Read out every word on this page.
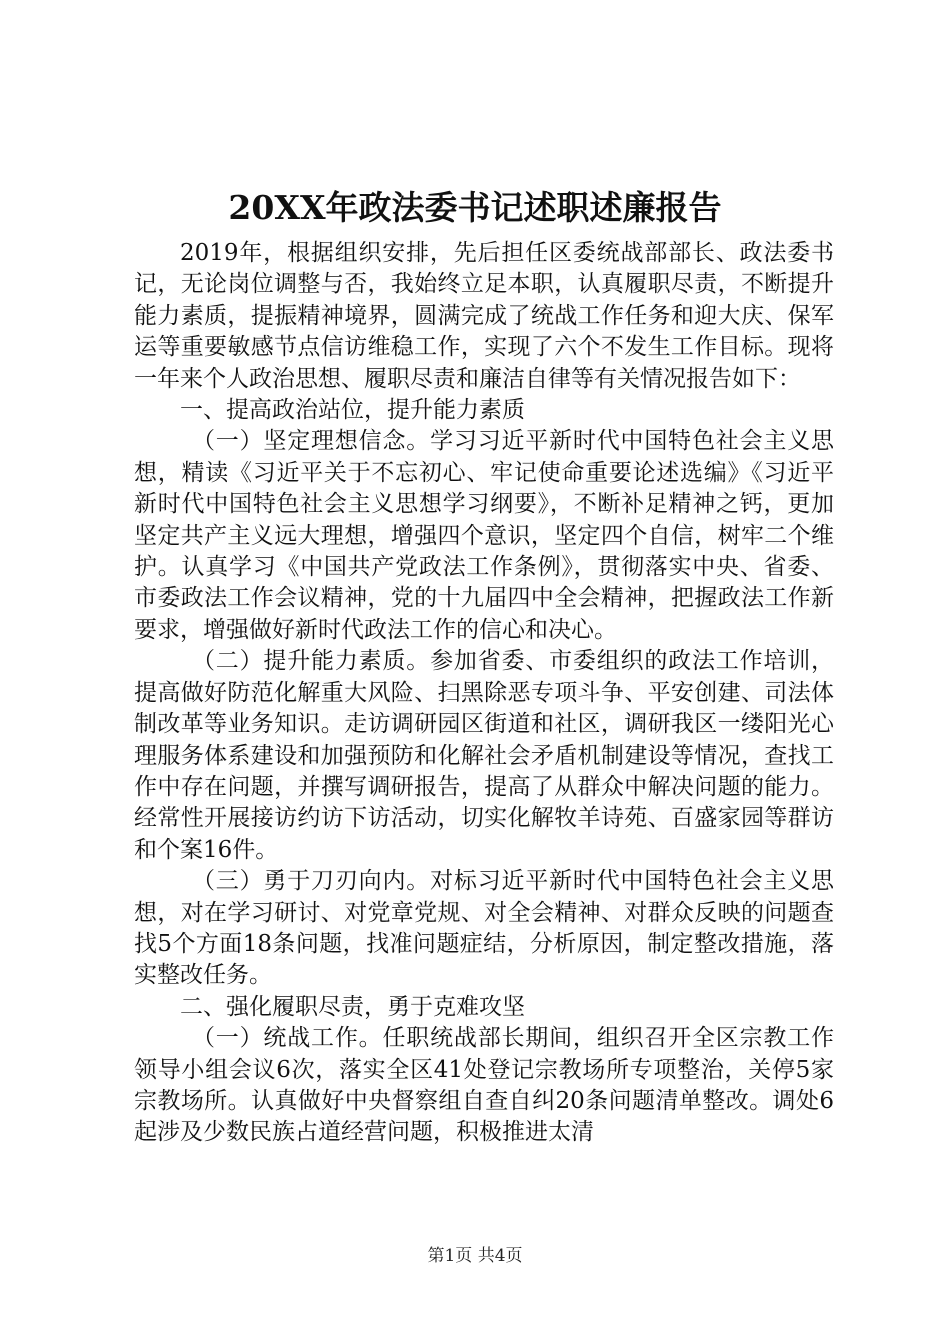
20XX年政法委书记述职述廉报告

2019年，根据组织安排，先后担任区委统战部部长、政法委书记，无论岗位调整与否，我始终立足本职，认真履职尽责，不断提升能力素质，提振精神境界，圆满完成了统战工作任务和迎大庆、保军运等重要敏感节点信访维稳工作，实现了六个不发生工作目标。现将一年来个人政治思想、履职尽责和廉洁自律等有关情况报告如下：

一、提高政治站位，提升能力素质

（一）坚定理想信念。学习习近平新时代中国特色社会主义思想，精读《习近平关于不忘初心、牢记使命重要论述选编》《习近平新时代中国特色社会主义思想学习纲要》，不断补足精神之钙，更加坚定共产主义远大理想，增强四个意识，坚定四个自信，树牢二个维护。认真学习《中国共产党政法工作条例》，贯彻落实中央、省委、市委政法工作会议精神，党的十九届四中全会精神，把握政法工作新要求，增强做好新时代政法工作的信心和决心。

（二）提升能力素质。参加省委、市委组织的政法工作培训，提高做好防范化解重大风险、扫黑除恶专项斗争、平安创建、司法体制改革等业务知识。走访调研园区街道和社区，调研我区一缕阳光心理服务体系建设和加强预防和化解社会矛盾机制建设等情况，查找工作中存在问题，并撰写调研报告，提高了从群众中解决问题的能力。经常性开展接访约访下访活动，切实化解牧羊诗苑、百盛家园等群访和个案16件。

（三）勇于刀刃向内。对标习近平新时代中国特色社会主义思想，对在学习研讨、对党章党规、对全会精神、对群众反映的问题查找5个方面18条问题，找准问题症结，分析原因，制定整改措施，落实整改任务。

二、强化履职尽责，勇于克难攻坚

（一）统战工作。任职统战部长期间，组织召开全区宗教工作领导小组会议6次，落实全区41处登记宗教场所专项整治，关停5家宗教场所。认真做好中央督察组自查自纠20条问题清单整改。调处6起涉及少数民族占道经营问题，积极推进太清

第1页 共4页
